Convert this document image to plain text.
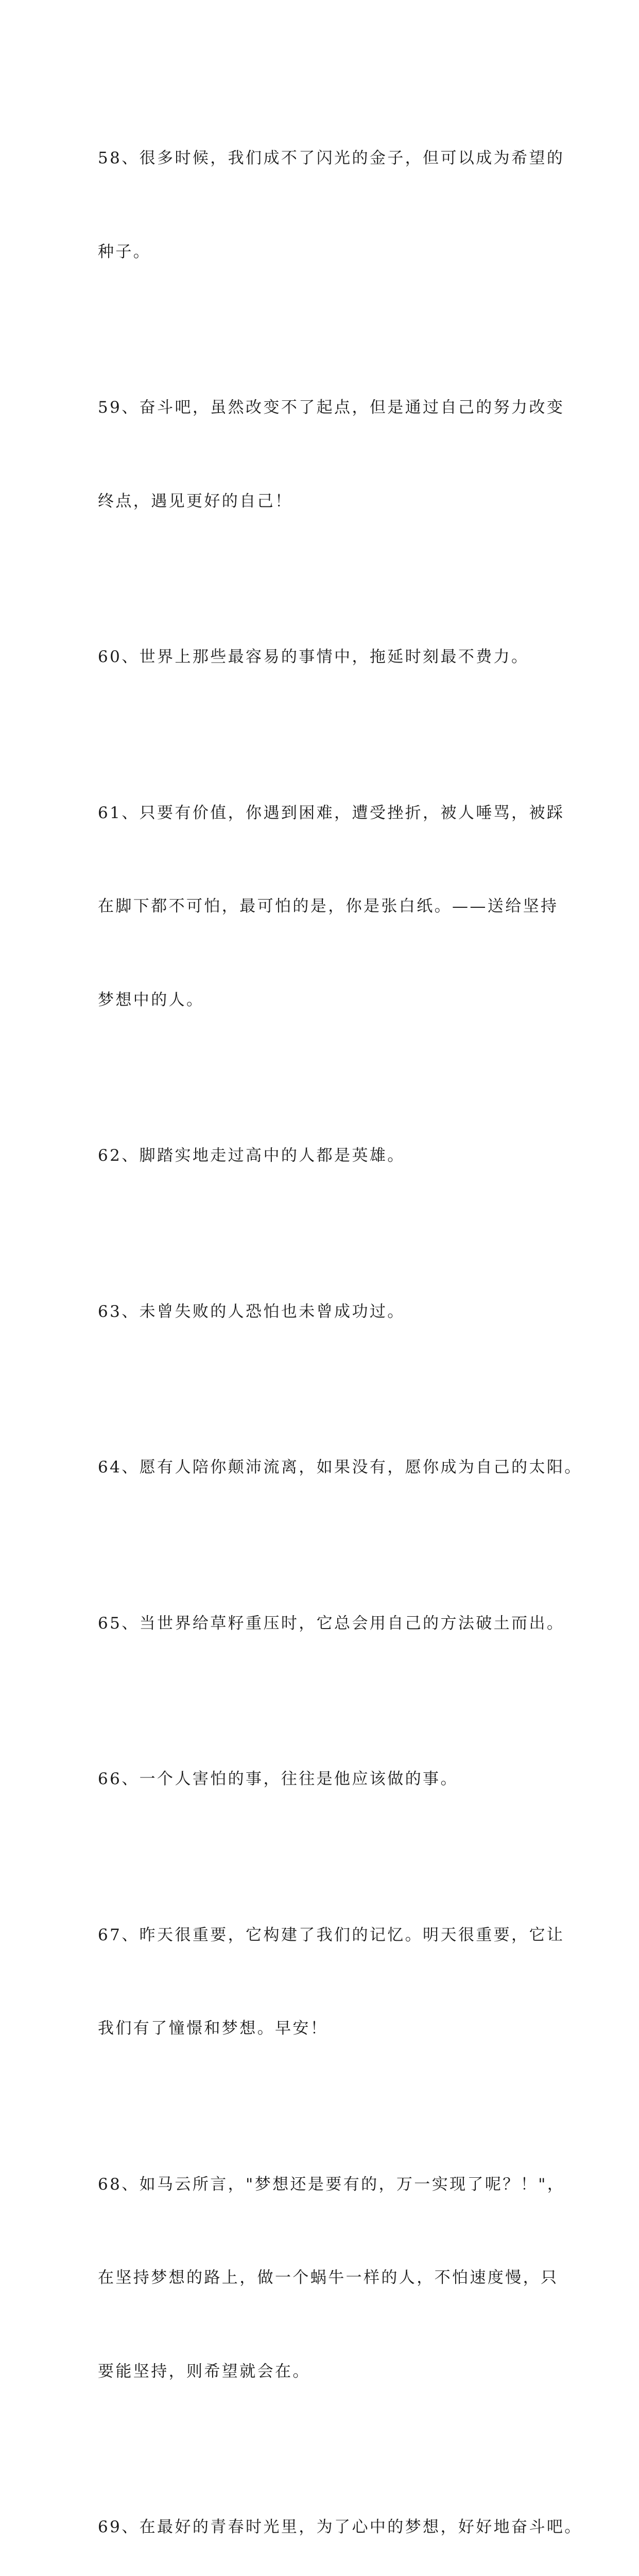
58、很多时候，我们成不了闪光的金子，但可以成为希望的

种子。

59、奋斗吧，虽然改变不了起点，但是通过自己的努力改变

终点，遇见更好的自己！

60、世界上那些最容易的事情中，拖延时刻最不费力。

61、只要有价值，你遇到困难，遭受挫折，被人唾骂，被踩

在脚下都不可怕，最可怕的是，你是张白纸。——送给坚持

梦想中的人。

62、脚踏实地走过高中的人都是英雄。

63、未曾失败的人恐怕也未曾成功过。

64、愿有人陪你颠沛流离，如果没有，愿你成为自己的太阳。

65、当世界给草籽重压时，它总会用自己的方法破土而出。

66、一个人害怕的事，往往是他应该做的事。

67、昨天很重要，它构建了我们的记忆。明天很重要，它让

我们有了憧憬和梦想。早安！

68、如马云所言，"梦想还是要有的，万一实现了呢？！"，

在坚持梦想的路上，做一个蜗牛一样的人，不怕速度慢，只

要能坚持，则希望就会在。

69、在最好的青春时光里，为了心中的梦想，好好地奋斗吧。
